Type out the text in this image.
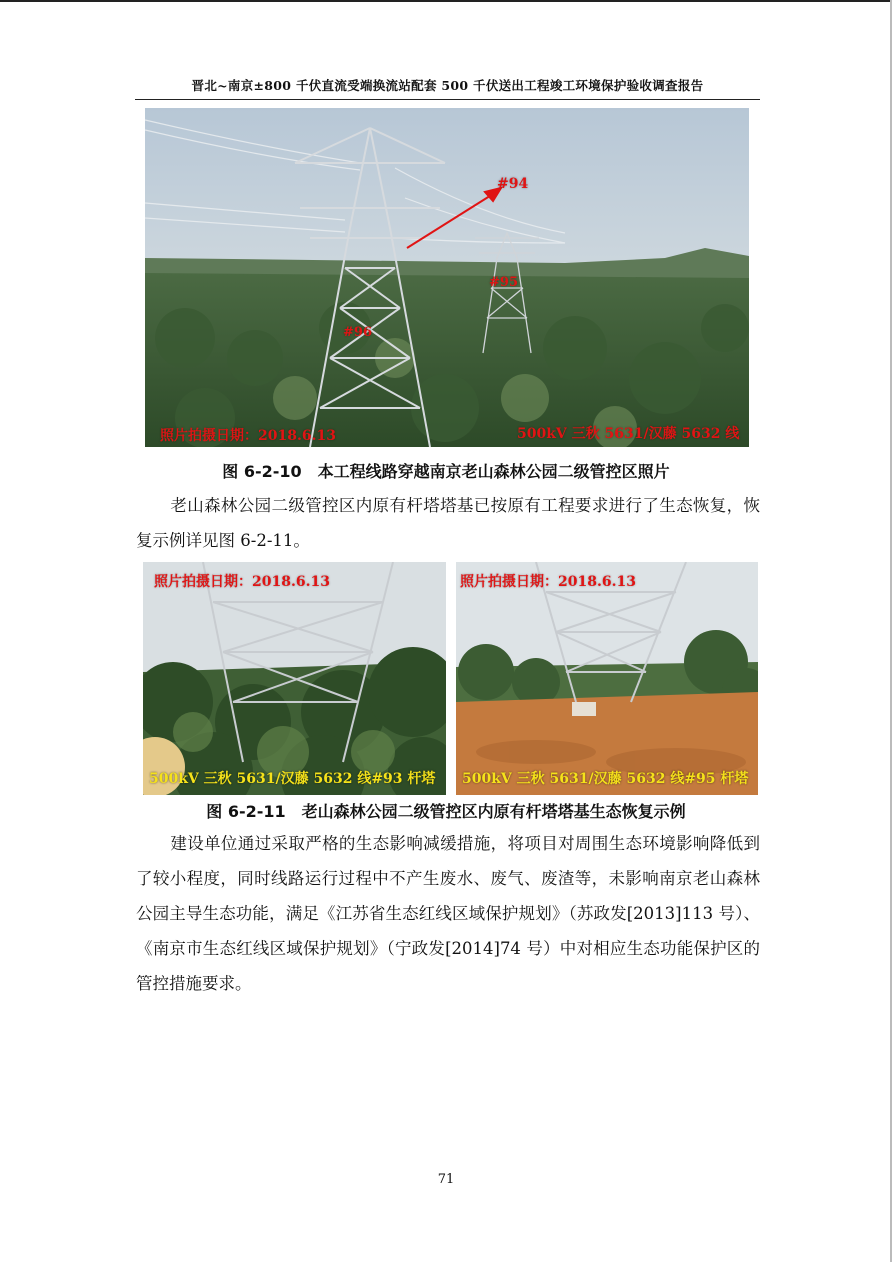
晋北~南京±800 千伏直流受端换流站配套 500 千伏送出工程竣工环境保护验收调查报告
#94
#95
#96
照片拍摄日期：2018.6.13	500kV 三秋 5631/汉藤 5632 线
图 6-2-10　本工程线路穿越南京老山森林公园二级管控区照片
老山森林公园二级管控区内原有杆塔塔基已按原有工程要求进行了生态恢复，恢复示例详见图 6-2-11。
照片拍摄日期：2018.6.13
500kV 三秋 5631/汉藤 5632 线#93 杆塔
照片拍摄日期：2018.6.13
500kV 三秋 5631/汉藤 5632 线#95 杆塔
图 6-2-11　老山森林公园二级管控区内原有杆塔塔基生态恢复示例
建设单位通过采取严格的生态影响减缓措施，将项目对周围生态环境影响降低到了较小程度，同时线路运行过程中不产生废水、废气、废渣等，未影响南京老山森林公园主导生态功能，满足《江苏省生态红线区域保护规划》（苏政发[2013]113 号）、《南京市生态红线区域保护规划》（宁政发[2014]74 号）中对相应生态功能保护区的管控措施要求。
71
